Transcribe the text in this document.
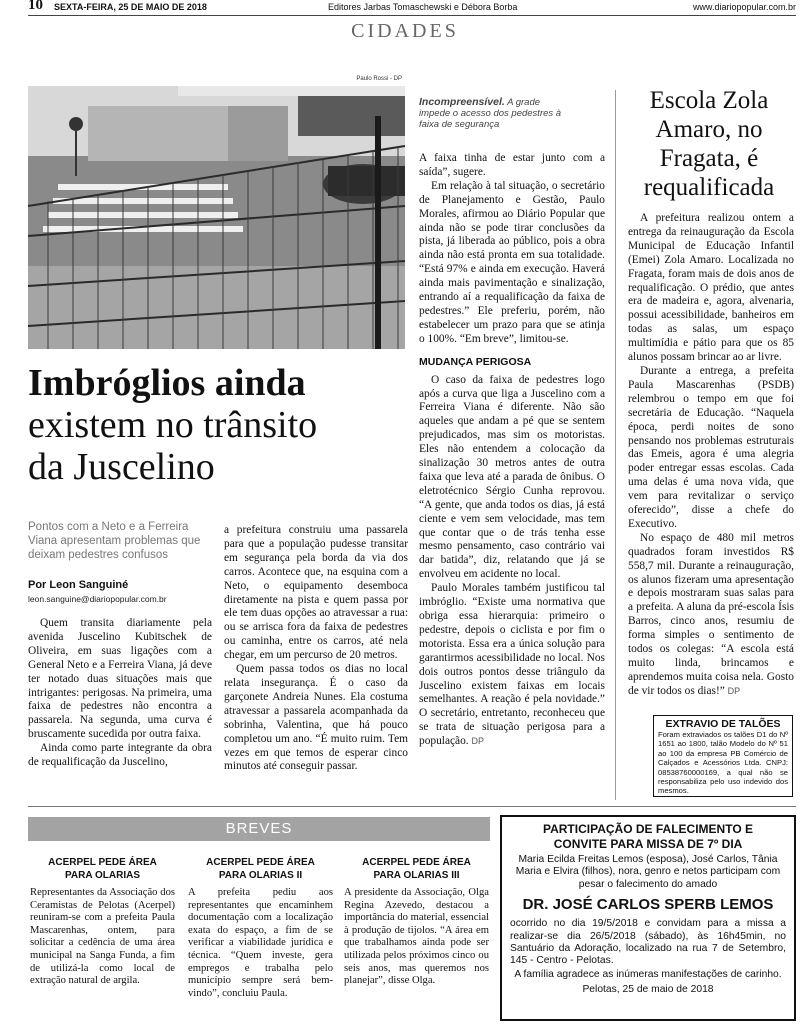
10 SEXTA-FEIRA, 25 DE MAIO DE 2018	Editores Jarbas Tomaschewski e Débora Borba	www.diariopopular.com.br
CIDADES
Paulo Rossi - DP
Imbróglios ainda
existem no trânsito
da Juscelino
Pontos com a Neto e a Ferreira Viana apresentam problemas que deixam pedestres confusos
Por Leon Sanguiné
leon.sanguine@diariopopular.com.br

Quem transita diariamente pela avenida Juscelino Kubitschek de Oliveira, em suas ligações com a General Neto e a Ferreira Viana, já deve ter notado duas situações mais que intrigantes: perigosas. Na primeira, uma faixa de pedestres não encontra a passarela. Na segunda, uma curva é bruscamente sucedida por outra faixa.

Ainda como parte integrante da obra de requalificação da Juscelino,

a prefeitura construiu uma passarela para que a população pudesse transitar em segurança pela borda da via dos carros. Acontece que, na esquina com a Neto, o equipamento desemboca diretamente na pista e quem passa por ele tem duas opções ao atravessar a rua: ou se arrisca fora da faixa de pedestres ou caminha, entre os carros, até nela chegar, em um percurso de 20 metros.

Quem passa todos os dias no local relata insegurança. É o caso da garçonete Andreia Nunes. Ela costuma atravessar a passarela acompanhada da sobrinha, Valentina, que há pouco completou um ano. “É muito ruim. Tem vezes em que temos de esperar cinco minutos até conseguir passar.

Incompreensível. A grade impede o acesso dos pedestres à faixa de segurança

A faixa tinha de estar junto com a saída”, sugere.

Em relação à tal situação, o secretário de Planejamento e Gestão, Paulo Morales, afirmou ao Diário Popular que ainda não se pode tirar conclusões da pista, já liberada ao público, pois a obra ainda não está pronta em sua totalidade. “Está 97% e ainda em execução. Haverá ainda mais pavimentação e sinalização, entrando aí a requalificação da faixa de pedestres.” Ele preferiu, porém, não estabelecer um prazo para que se atinja o 100%. “Em breve”, limitou-se.

MUDANÇA PERIGOSA

O caso da faixa de pedestres logo após a curva que liga a Juscelino com a Ferreira Viana é diferente. Não são aqueles que andam a pé que se sentem prejudicados, mas sim os motoristas. Eles não entendem a colocação da sinalização 30 metros antes de outra faixa que leva até a parada de ônibus. O eletrotécnico Sérgio Cunha reprovou. “A gente, que anda todos os dias, já está ciente e vem sem velocidade, mas tem que contar que o de trás tenha esse mesmo pensamento, caso contrário vai dar batida”, diz, relatando que já se envolveu em acidente no local.

Paulo Morales também justificou tal imbróglio. “Existe uma normativa que obriga essa hierarquia: primeiro o pedestre, depois o ciclista e por fim o motorista. Essa era a única solução para garantirmos acessibilidade no local. Nos dois outros pontos desse triângulo da Juscelino existem faixas em locais semelhantes. A reação é pela novidade.” O secretário, entretanto, reconheceu que se trata de situação perigosa para a população. DP

Escola Zola Amaro, no Fragata, é requalificada

A prefeitura realizou ontem a entrega da reinauguração da Escola Municipal de Educação Infantil (Emei) Zola Amaro. Localizada no Fragata, foram mais de dois anos de requalificação. O prédio, que antes era de madeira e, agora, alvenaria, possui acessibilidade, banheiros em todas as salas, um espaço multimídia e pátio para que os 85 alunos possam brincar ao ar livre.

Durante a entrega, a prefeita Paula Mascarenhas (PSDB) relembrou o tempo em que foi secretária de Educação. “Naquela época, perdi noites de sono pensando nos problemas estruturais das Emeis, agora é uma alegria poder entregar essas escolas. Cada uma delas é uma nova vida, que vem para revitalizar o serviço oferecido”, disse a chefe do Executivo.

No espaço de 480 mil metros quadrados foram investidos R$ 558,7 mil. Durante a reinauguração, os alunos fizeram uma apresentação e depois mostraram suas salas para a prefeita. A aluna da pré-escola Ísis Barros, cinco anos, resumiu de forma simples o sentimento de todos os colegas: “A escola está muito linda, brincamos e aprendemos muita coisa nela. Gosto de vir todos os dias!” DP

EXTRAVIO DE TALÕES
Foram extraviados os talões D1 do Nº 1651 ao 1800, talão Modelo do Nº 51 ao 100 da empresa PB Comércio de Calçados e Acessórios Ltda. CNPJ: 08538760000169, a qual não se responsabiliza pelo uso indevido dos mesmos.
BREVES
ACERPEL PEDE ÁREA
PARA OLARIAS

Representantes da Associação dos Ceramistas de Pelotas (Acerpel) reuniram-se com a prefeita Paula Mascarenhas, ontem, para solicitar a cedência de uma área municipal na Sanga Funda, a fim de utilizá-la como local de extração natural de argila.

ACERPEL PEDE ÁREA
PARA OLARIAS II

A prefeita pediu aos representantes que encaminhem documentação com a localização exata do espaço, a fim de se verificar a viabilidade jurídica e técnica. “Quem investe, gera empregos e trabalha pelo município sempre será bem-vindo”, concluiu Paula.

ACERPEL PEDE ÁREA
PARA OLARIAS III

A presidente da Associação, Olga Regina Azevedo, destacou a importância do material, essencial à produção de tijolos. “A área em que trabalhamos ainda pode ser utilizada pelos próximos cinco ou seis anos, mas queremos nos planejar”, disse Olga.

PARTICIPAÇÃO DE FALECIMENTO E
CONVITE PARA MISSA DE 7º DIA
Maria Ecilda Freitas Lemos (esposa), José Carlos, Tânia Maria e Elvira (filhos), nora, genro e netos participam com pesar o falecimento do amado
DR. JOSÉ CARLOS SPERB LEMOS
ocorrido no dia 19/5/2018 e convidam para a missa a realizar-se dia 26/5/2018 (sábado), às 16h45min, no Santuário da Adoração, localizado na rua 7 de Setembro, 145 - Centro - Pelotas.
A família agradece as inúmeras manifestações de carinho.
Pelotas, 25 de maio de 2018
